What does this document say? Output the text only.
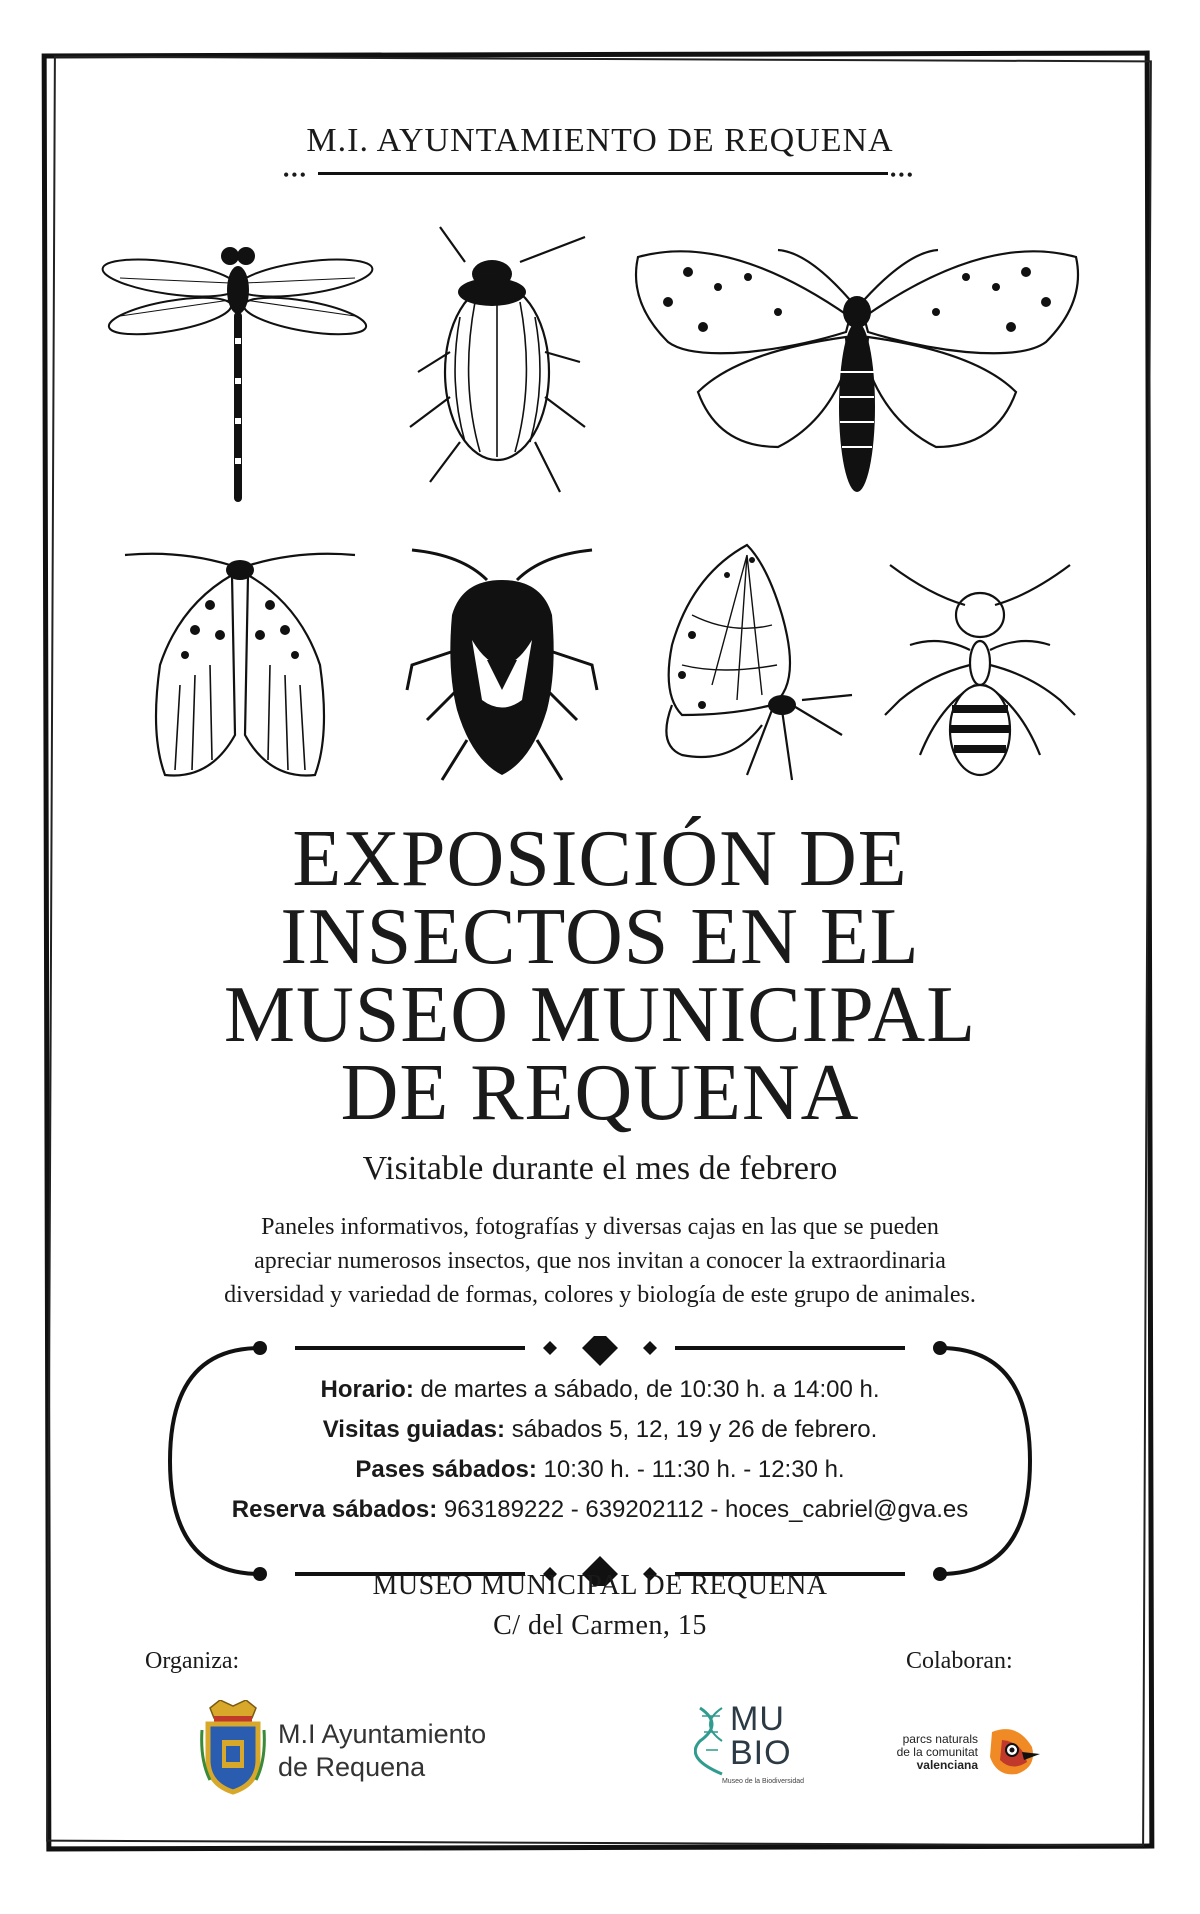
M.I. AYUNTAMIENTO DE REQUENA
•••	•••
EXPOSICIÓN DE
INSECTOS EN EL
MUSEO MUNICIPAL
DE REQUENA
Visitable durante el mes de febrero
Paneles informativos, fotografías y diversas cajas en las que se pueden
apreciar numerosos insectos, que nos invitan a conocer la extraordinaria
diversidad y variedad de formas, colores y biología de este grupo de animales.
Horario: de martes a sábado, de 10:30 h. a 14:00 h.
Visitas guiadas: sábados 5, 12, 19 y 26 de febrero.
Pases sábados: 10:30 h. - 11:30 h. - 12:30 h.
Reserva sábados: 963189222 - 639202112 - hoces_cabriel@gva.es
MUSEO MUNICIPAL DE REQUENA
C/ del Carmen, 15
Organiza:	Colaboran:
M.I Ayuntamiento
de Requena
MU
BIO
Museo de la Biodiversidad
parcs naturals
de la comunitat
valenciana
